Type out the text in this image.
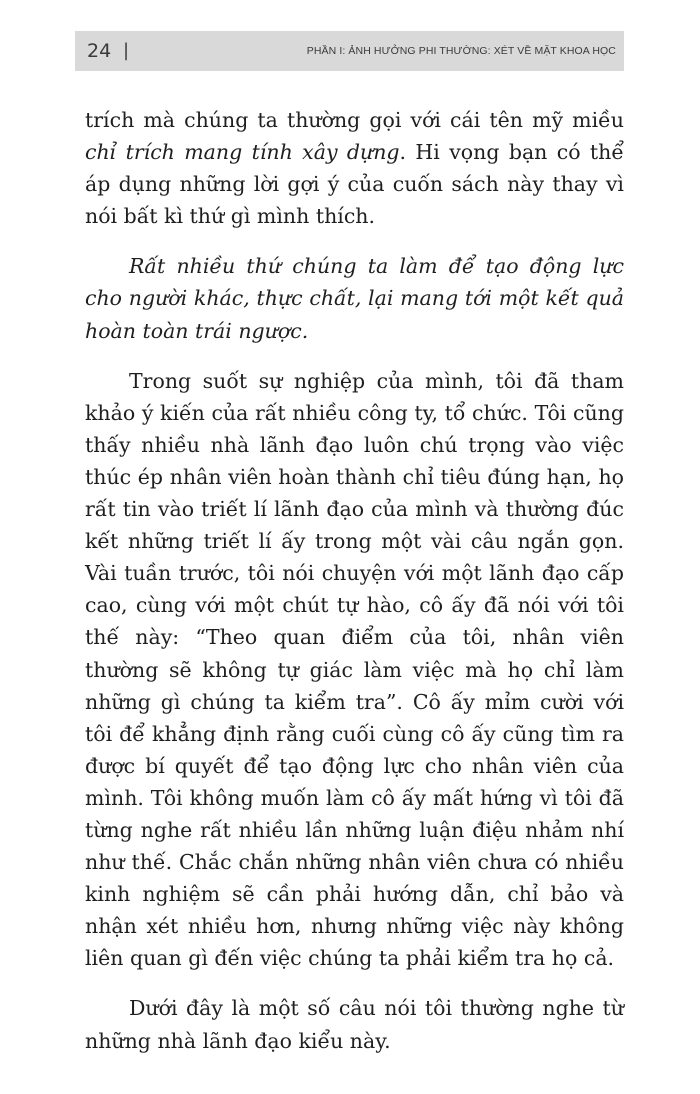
24 |	PHẦN I: ẢNH HƯỞNG PHI THƯỜNG: XÉT VỀ MẶT KHOA HỌC

trích mà chúng ta thường gọi với cái tên mỹ miều chỉ trích mang tính xây dựng. Hi vọng bạn có thể áp dụng những lời gợi ý của cuốn sách này thay vì nói bất kì thứ gì mình thích.

Rất nhiều thứ chúng ta làm để tạo động lực cho người khác, thực chất, lại mang tới một kết quả hoàn toàn trái ngược.

Trong suốt sự nghiệp của mình, tôi đã tham khảo ý kiến của rất nhiều công ty, tổ chức. Tôi cũng thấy nhiều nhà lãnh đạo luôn chú trọng vào việc thúc ép nhân viên hoàn thành chỉ tiêu đúng hạn, họ rất tin vào triết lí lãnh đạo của mình và thường đúc kết những triết lí ấy trong một vài câu ngắn gọn. Vài tuần trước, tôi nói chuyện với một lãnh đạo cấp cao, cùng với một chút tự hào, cô ấy đã nói với tôi thế này: “Theo quan điểm của tôi, nhân viên thường sẽ không tự giác làm việc mà họ chỉ làm những gì chúng ta kiểm tra”. Cô ấy mỉm cười với tôi để khẳng định rằng cuối cùng cô ấy cũng tìm ra được bí quyết để tạo động lực cho nhân viên của mình. Tôi không muốn làm cô ấy mất hứng vì tôi đã từng nghe rất nhiều lần những luận điệu nhảm nhí như thế. Chắc chắn những nhân viên chưa có nhiều kinh nghiệm sẽ cần phải hướng dẫn, chỉ bảo và nhận xét nhiều hơn, nhưng những việc này không liên quan gì đến việc chúng ta phải kiểm tra họ cả.

Dưới đây là một số câu nói tôi thường nghe từ những nhà lãnh đạo kiểu này.
